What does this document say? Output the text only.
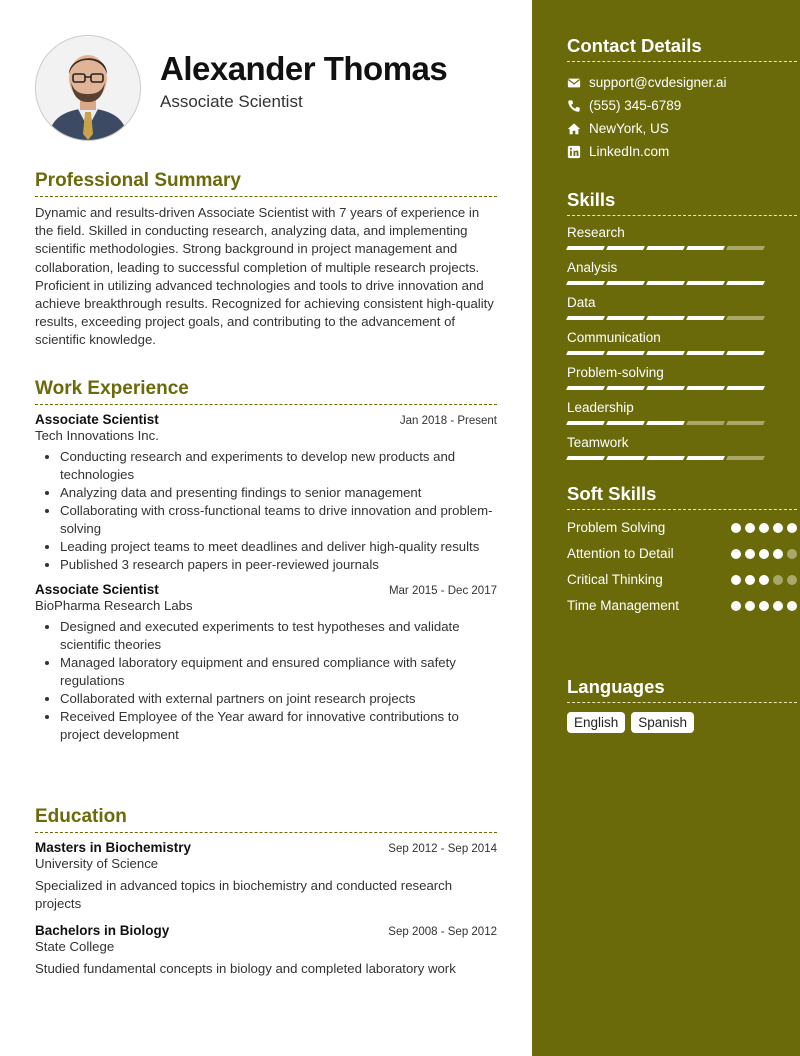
Alexander Thomas
Associate Scientist
Professional Summary

Dynamic and results-driven Associate Scientist with 7 years of experience in the field. Skilled in conducting research, analyzing data, and implementing scientific methodologies. Strong background in project management and collaboration, leading to successful completion of multiple research projects. Proficient in utilizing advanced technologies and tools to drive innovation and achieve breakthrough results. Recognized for achieving consistent high-quality results, exceeding project goals, and contributing to the advancement of scientific knowledge.

Work Experience
Associate Scientist	Jan 2018 - Present
Tech Innovations Inc.
• Conducting research and experiments to develop new products and technologies
• Analyzing data and presenting findings to senior management
• Collaborating with cross-functional teams to drive innovation and problem-solving
• Leading project teams to meet deadlines and deliver high-quality results
• Published 3 research papers in peer-reviewed journals
Associate Scientist	Mar 2015 - Dec 2017
BioPharma Research Labs
• Designed and executed experiments to test hypotheses and validate scientific theories
• Managed laboratory equipment and ensured compliance with safety regulations
• Collaborated with external partners on joint research projects
• Received Employee of the Year award for innovative contributions to project development
Education
Masters in Biochemistry	Sep 2012 - Sep 2014
University of Science
Specialized in advanced topics in biochemistry and conducted research projects
Bachelors in Biology	Sep 2008 - Sep 2012
State College
Studied fundamental concepts in biology and completed laboratory work
Contact Details
support@cvdesigner.ai
(555) 345-6789
NewYork, US
LinkedIn.com
Skills
Research
Analysis
Data
Communication
Problem-solving
Leadership
Teamwork
Soft Skills
Problem Solving
Attention to Detail
Critical Thinking
Time Management
Languages
English	Spanish
